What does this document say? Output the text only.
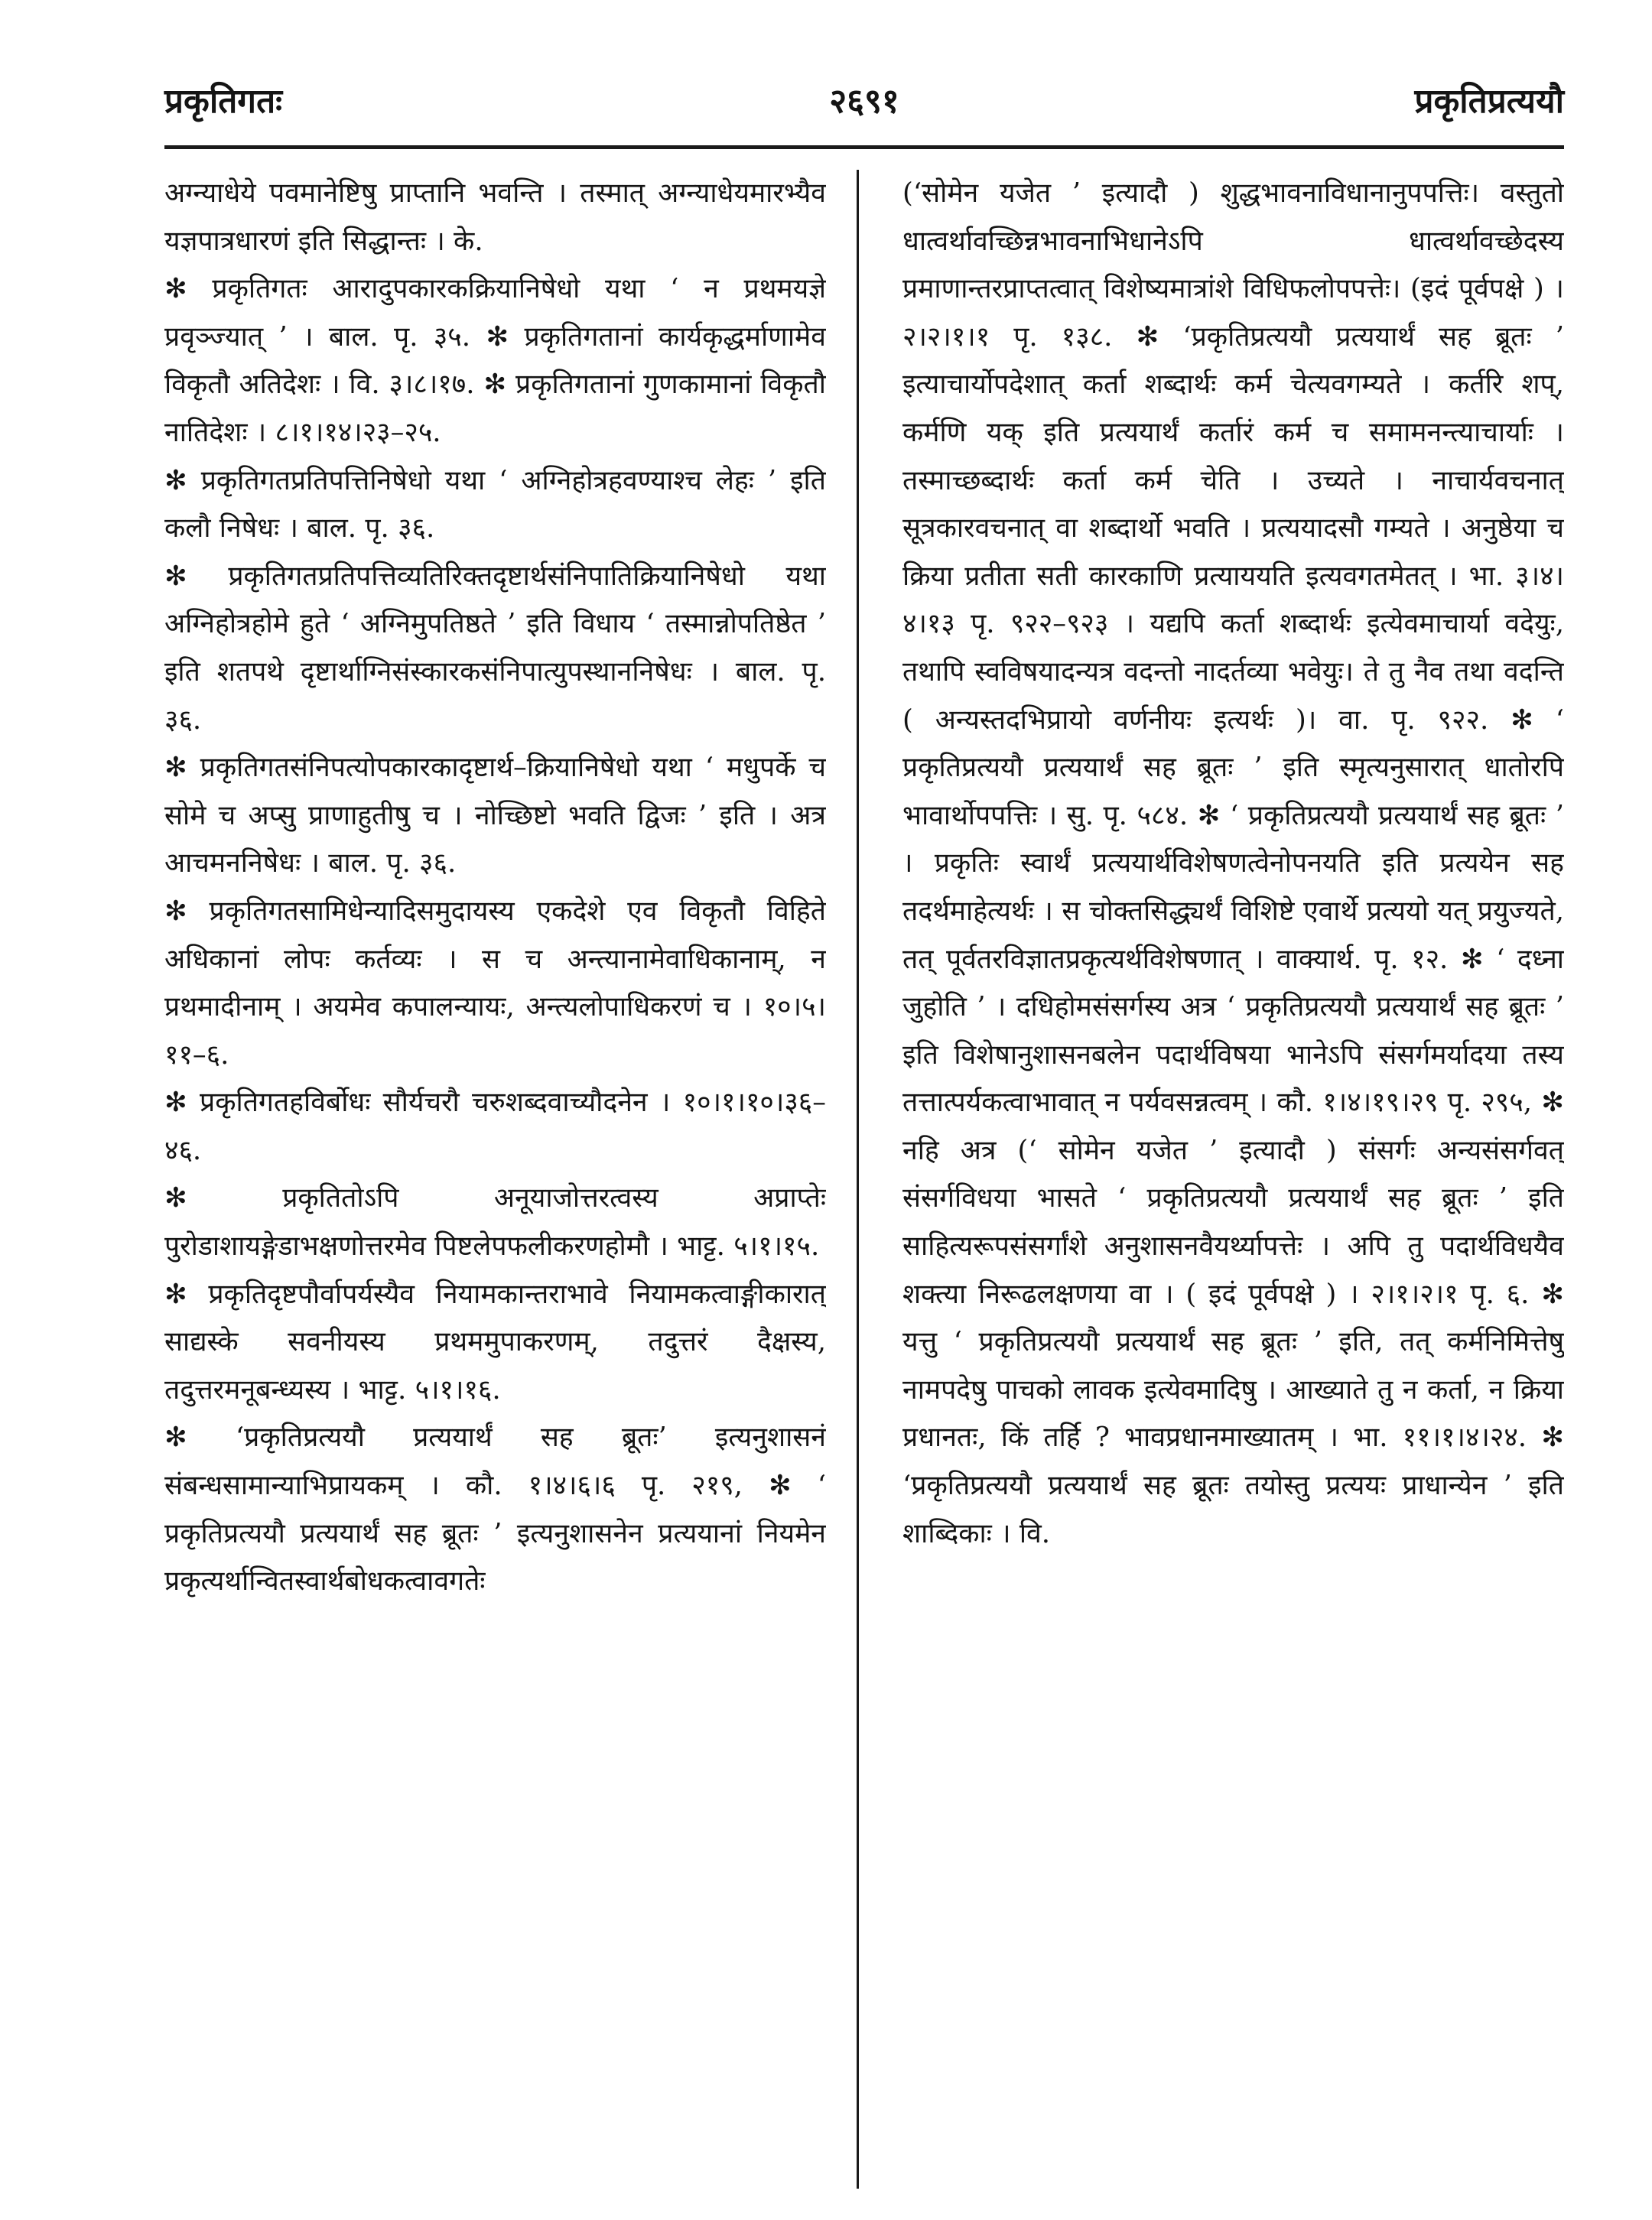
२६९१
प्रकृतिगतः	प्रकृतिप्रत्ययौ

अग्न्याधेये पवमानेष्टिषु प्राप्तानि भवन्ति । तस्मात् अग्न्याधेयमारभ्यैव यज्ञपात्रधारणं इति सिद्धान्तः । के.

✻ प्रकृतिगतः आरादुपकारकक्रियानिषेधो यथा ‘ न प्रथमयज्ञे प्रवृञ्ज्यात् ’ । बाल. पृ. ३५. ✻ प्रकृतिगतानां कार्यकृद्धर्माणामेव विकृतौ अतिदेशः । वि. ३।८।१७. ✻ प्रकृतिगतानां गुणकामानां विकृतौ नातिदेशः । ८।१।१४।२३–२५.

✻ प्रकृतिगतप्रतिपत्तिनिषेधो यथा ‘ अग्निहोत्रहवण्याश्च लेहः ’ इति कलौ निषेधः । बाल. पृ. ३६.

✻ प्रकृतिगतप्रतिपत्तिव्यतिरिक्तदृष्टार्थसंनिपातिक्रियानिषेधो यथा अग्निहोत्रहोमे हुते ‘ अग्निमुपतिष्ठते ’ इति विधाय ‘ तस्मान्नोपतिष्ठेत ’ इति शतपथे दृष्टार्थाग्निसंस्कारकसंनिपात्युपस्थाननिषेधः । बाल. पृ. ३६.

✻ प्रकृतिगतसंनिपत्योपकारकादृष्टार्थ–क्रियानिषेधो यथा ‘ मधुपर्के च सोमे च अप्सु प्राणाहुतीषु च । नोच्छिष्टो भवति द्विजः ’ इति । अत्र आचमननिषेधः । बाल. पृ. ३६.

✻ प्रकृतिगतसामिधेन्यादिसमुदायस्य एकदेशे एव विकृतौ विहिते अधिकानां लोपः कर्तव्यः । स च अन्त्यानामेवाधिकानाम्, न प्रथमादीनाम् । अयमेव कपालन्यायः, अन्त्यलोपाधिकरणं च । १०।५।११–६.

✻ प्रकृतिगतहविर्बोधः सौर्यचरौ चरुशब्दवाच्यौदनेन । १०।१।१०।३६–४६.

✻ प्रकृतितोऽपि अनूयाजोत्तरत्वस्य अप्राप्तेः पुरोडाशायङ्गेडाभक्षणोत्तरमेव पिष्टलेपफलीकरणहोमौ । भाट्ट. ५।१।१५.

✻ प्रकृतिदृष्टपौर्वापर्यस्यैव नियामकान्तराभावे नियामकत्वाङ्गीकारात् साद्यस्के सवनीयस्य प्रथममुपाकरणम्, तदुत्तरं दैक्षस्य, तदुत्तरमनूबन्ध्यस्य । भाट्ट. ५।१।१६.

✻ ‘प्रकृतिप्रत्ययौ प्रत्ययार्थं सह ब्रूतः’ इत्यनुशासनं संबन्धसामान्याभिप्रायकम् । कौ. १।४।६।६ पृ. २१९, ✻ ‘ प्रकृतिप्रत्ययौ प्रत्ययार्थं सह ब्रूतः ’ इत्यनुशासनेन प्रत्ययानां नियमेन प्रकृत्यर्थान्वितस्वार्थबोधकत्वावगतेः

(‘सोमेन यजेत ’ इत्यादौ ) शुद्धभावनाविधानानुपपत्तिः। वस्तुतो धात्वर्थावच्छिन्नभावनाभिधानेऽपि धात्वर्थावच्छेदस्य प्रमाणान्तरप्राप्तत्वात् विशेष्यमात्रांशे विधिफलोपपत्तेः। (इदं पूर्वपक्षे ) । २।२।१।१ पृ. १३८. ✻ ‘प्रकृतिप्रत्ययौ प्रत्ययार्थं सह ब्रूतः ’ इत्याचार्योपदेशात् कर्ता शब्दार्थः कर्म चेत्यवगम्यते । कर्तरि शप्, कर्मणि यक् इति प्रत्ययार्थं कर्तारं कर्म च समामनन्त्याचार्याः । तस्माच्छब्दार्थः कर्ता कर्म चेति । उच्यते । नाचार्यवचनात् सूत्रकारवचनात् वा शब्दार्थो भवति । प्रत्ययादसौ गम्यते । अनुष्ठेया च क्रिया प्रतीता सती कारकाणि प्रत्याययति इत्यवगतमेतत् । भा. ३।४।४।१३ पृ. ९२२–९२३ । यद्यपि कर्ता शब्दार्थः इत्येवमाचार्या वदेयुः, तथापि स्वविषयादन्यत्र वदन्तो नादर्तव्या भवेयुः। ते तु नैव तथा वदन्ति ( अन्यस्तदभिप्रायो वर्णनीयः इत्यर्थः )। वा. पृ. ९२२. ✻ ‘ प्रकृतिप्रत्ययौ प्रत्ययार्थं सह ब्रूतः ’ इति स्मृत्यनुसारात् धातोरपि भावार्थोपपत्तिः । सु. पृ. ५८४. ✻ ‘ प्रकृतिप्रत्ययौ प्रत्ययार्थं सह ब्रूतः ’ । प्रकृतिः स्वार्थं प्रत्ययार्थविशेषणत्वेनोपनयति इति प्रत्ययेन सह तदर्थमाहेत्यर्थः । स चोक्तसिद्ध्यर्थं विशिष्टे एवार्थे प्रत्ययो यत् प्रयुज्यते, तत् पूर्वतरविज्ञातप्रकृत्यर्थविशेषणात् । वाक्यार्थ. पृ. १२. ✻ ‘ दध्ना जुहोति ’ । दधिहोमसंसर्गस्य अत्र ‘ प्रकृतिप्रत्ययौ प्रत्ययार्थं सह ब्रूतः ’ इति विशेषानुशासनबलेन पदार्थविषया भानेऽपि संसर्गमर्यादया तस्य तत्तात्पर्यकत्वाभावात् न पर्यवसन्नत्वम् । कौ. १।४।१९।२९ पृ. २९५, ✻ नहि अत्र (‘ सोमेन यजेत ’ इत्यादौ ) संसर्गः अन्यसंसर्गवत् संसर्गविधया भासते ‘ प्रकृतिप्रत्ययौ प्रत्ययार्थं सह ब्रूतः ’ इति साहित्यरूपसंसर्गांशे अनुशासनवैयर्थ्यापत्तेः । अपि तु पदार्थविधयैव शक्त्या निरूढलक्षणया वा । ( इदं पूर्वपक्षे ) । २।१।२।१ पृ. ६. ✻ यत्तु ‘ प्रकृतिप्रत्ययौ प्रत्ययार्थं सह ब्रूतः ’ इति, तत् कर्मनिमित्तेषु नामपदेषु पाचको लावक इत्येवमादिषु । आख्याते तु न कर्ता, न क्रिया प्रधानतः, किं तर्हि ? भावप्रधानमाख्यातम् । भा. ११।१।४।२४. ✻ ‘प्रकृतिप्रत्ययौ प्रत्ययार्थं सह ब्रूतः तयोस्तु प्रत्ययः प्राधान्येन ’ इति शाब्दिकाः । वि.
